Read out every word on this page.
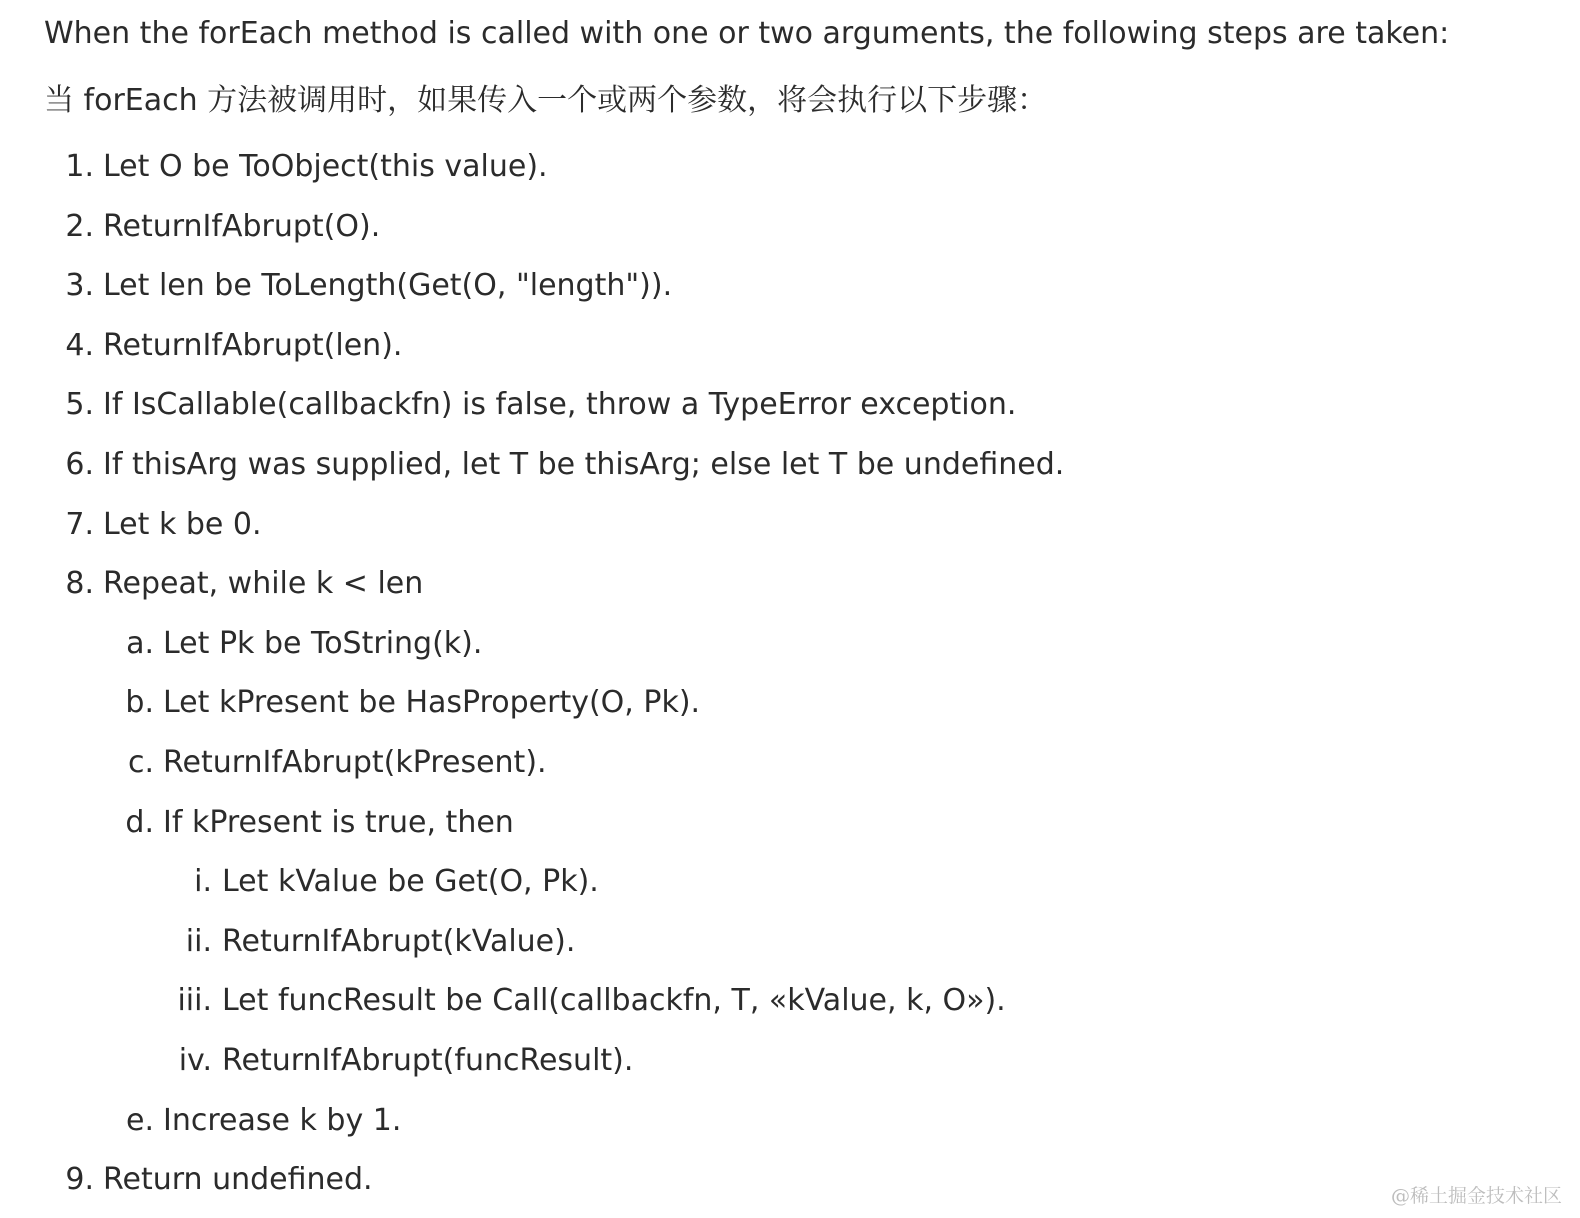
When the forEach method is called with one or two arguments, the following steps are taken:
当 forEach 方法被调用时，如果传入一个或两个参数，将会执行以下步骤：
1. Let O be ToObject(this value).
2. ReturnIfAbrupt(O).
3. Let len be ToLength(Get(O, "length")).
4. ReturnIfAbrupt(len).
5. If IsCallable(callbackfn) is false, throw a TypeError exception.
6. If thisArg was supplied, let T be thisArg; else let T be undefined.
7. Let k be 0.
8. Repeat, while k < len
a. Let Pk be ToString(k).
b. Let kPresent be HasProperty(O, Pk).
c. ReturnIfAbrupt(kPresent).
d. If kPresent is true, then
i. Let kValue be Get(O, Pk).
ii. ReturnIfAbrupt(kValue).
iii. Let funcResult be Call(callbackfn, T, «kValue, k, O»).
iv. ReturnIfAbrupt(funcResult).
e. Increase k by 1.
9. Return undefined.	@稀土掘金技术社区
